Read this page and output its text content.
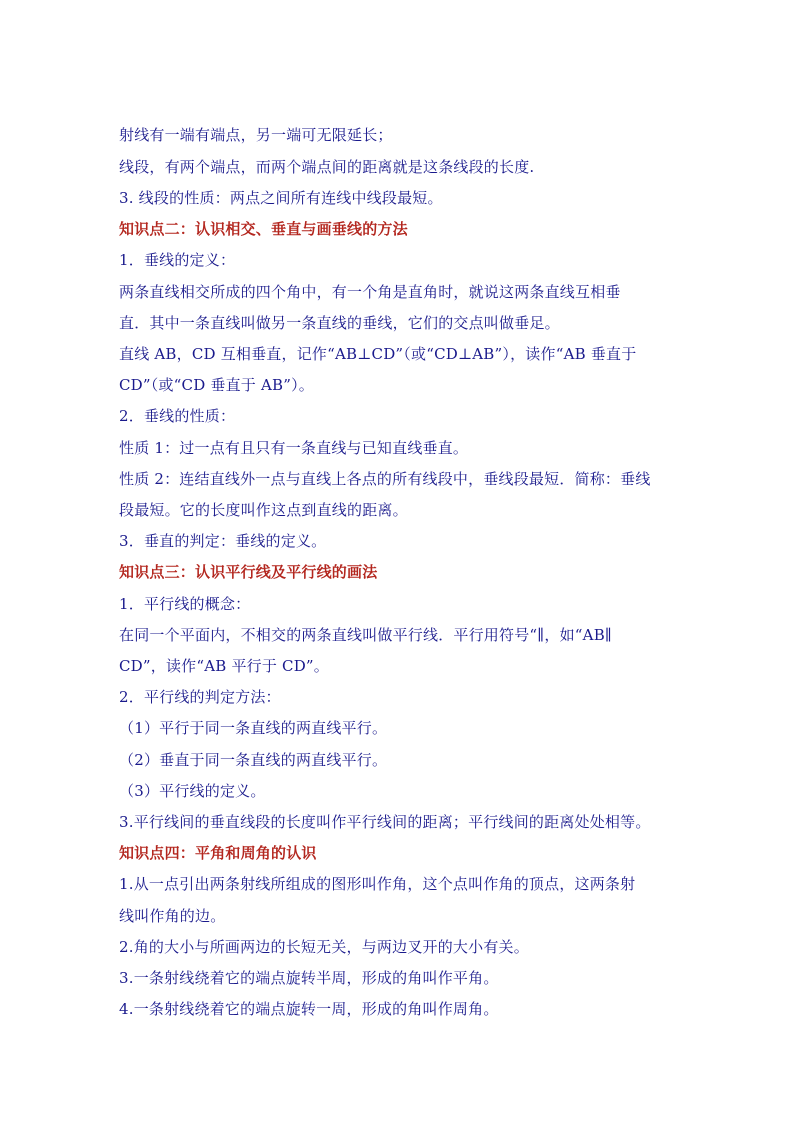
射线有一端有端点，另一端可无限延长；
线段，有两个端点，而两个端点间的距离就是这条线段的长度.
3. 线段的性质：两点之间所有连线中线段最短。
知识点二：认识相交、垂直与画垂线的方法
1．垂线的定义：
两条直线相交所成的四个角中，有一个角是直角时，就说这两条直线互相垂
直．其中一条直线叫做另一条直线的垂线，它们的交点叫做垂足。
直线 AB，CD 互相垂直，记作“AB⊥CD”（或“CD⊥AB”），读作“AB 垂直于
CD”（或“CD 垂直于 AB”）。
2．垂线的性质：
性质 1：过一点有且只有一条直线与已知直线垂直。
性质 2：连结直线外一点与直线上各点的所有线段中，垂线段最短．简称：垂线
段最短。它的长度叫作这点到直线的距离。
3．垂直的判定：垂线的定义。
知识点三：认识平行线及平行线的画法
1．平行线的概念：
在同一个平面内，不相交的两条直线叫做平行线．平行用符号“∥，如“AB∥
CD”，读作“AB 平行于 CD”。
2．平行线的判定方法：
（1）平行于同一条直线的两直线平行。
（2）垂直于同一条直线的两直线平行。
（3）平行线的定义。
3.平行线间的垂直线段的长度叫作平行线间的距离；平行线间的距离处处相等。
知识点四：平角和周角的认识
1.从一点引出两条射线所组成的图形叫作角，这个点叫作角的顶点，这两条射
线叫作角的边。
2.角的大小与所画两边的长短无关，与两边叉开的大小有关。
3.一条射线绕着它的端点旋转半周，形成的角叫作平角。
4.一条射线绕着它的端点旋转一周，形成的角叫作周角。
